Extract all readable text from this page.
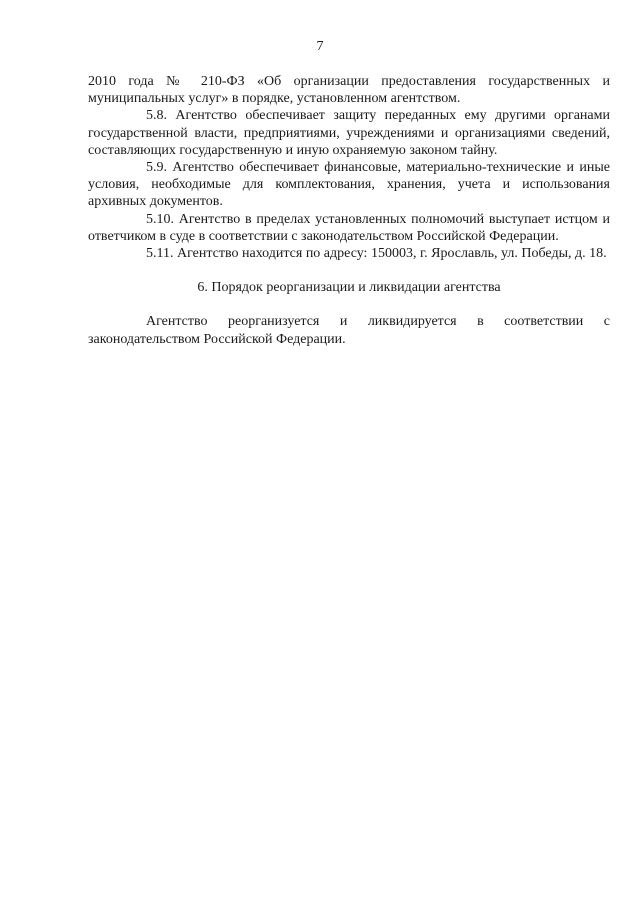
7

2010 года № 210-ФЗ «Об организации предоставления государственных и муниципальных услуг» в порядке, установленном агентством.

5.8. Агентство обеспечивает защиту переданных ему другими органами государственной власти, предприятиями, учреждениями и организациями сведений, составляющих государственную и иную охраняемую законом тайну.

5.9. Агентство обеспечивает финансовые, материально-технические и иные условия, необходимые для комплектования, хранения, учета и использования архивных документов.

5.10. Агентство в пределах установленных полномочий выступает истцом и ответчиком в суде в соответствии с законодательством Российской Федерации.

5.11. Агентство находится по адресу: 150003, г. Ярославль, ул. Победы, д. 18.

6. Порядок реорганизации и ликвидации агентства

Агентство реорганизуется и ликвидируется в соответствии с законодательством Российской Федерации.
